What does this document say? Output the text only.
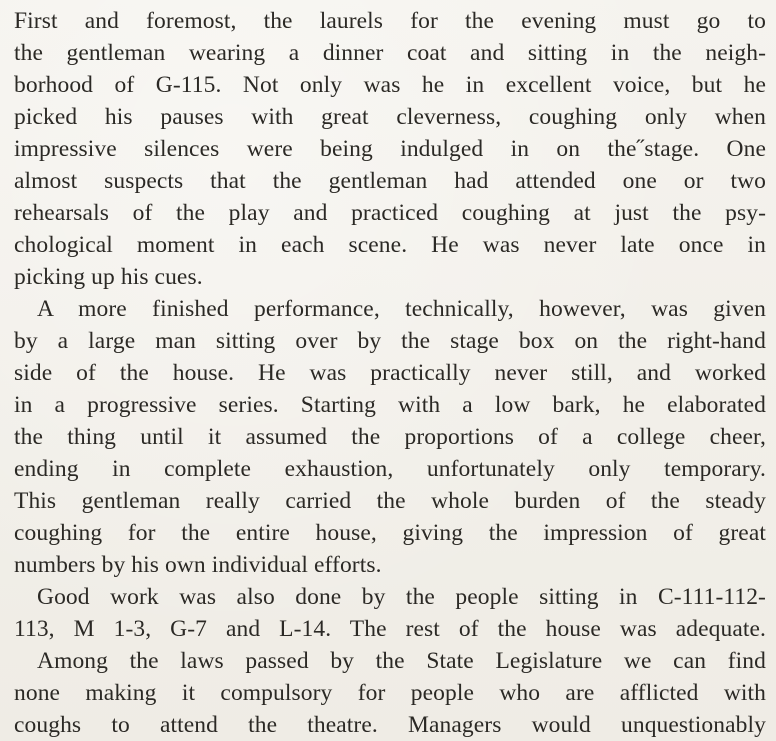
First and foremost, the laurels for the evening must go to
the gentleman wearing a dinner coat and sitting in the neigh-
borhood of G-115. Not only was he in excellent voice, but he
picked his pauses with great cleverness, coughing only when
impressive silences were being indulged in on the˝stage. One
almost suspects that the gentleman had attended one or two
rehearsals of the play and practiced coughing at just the psy-
chological moment in each scene. He was never late once in
picking up his cues.
A more finished performance, technically, however, was given
by a large man sitting over by the stage box on the right-hand
side of the house. He was practically never still, and worked
in a progressive series. Starting with a low bark, he elaborated
the thing until it assumed the proportions of a college cheer,
ending in complete exhaustion, unfortunately only temporary.
This gentleman really carried the whole burden of the steady
coughing for the entire house, giving the impression of great
numbers by his own individual efforts.
Good work was also done by the people sitting in C-111-112-
113, M 1-3, G-7 and L-14. The rest of the house was adequate.
Among the laws passed by the State Legislature we can find
none making it compulsory for people who are afflicted with
coughs to attend the theatre. Managers would unquestionably
